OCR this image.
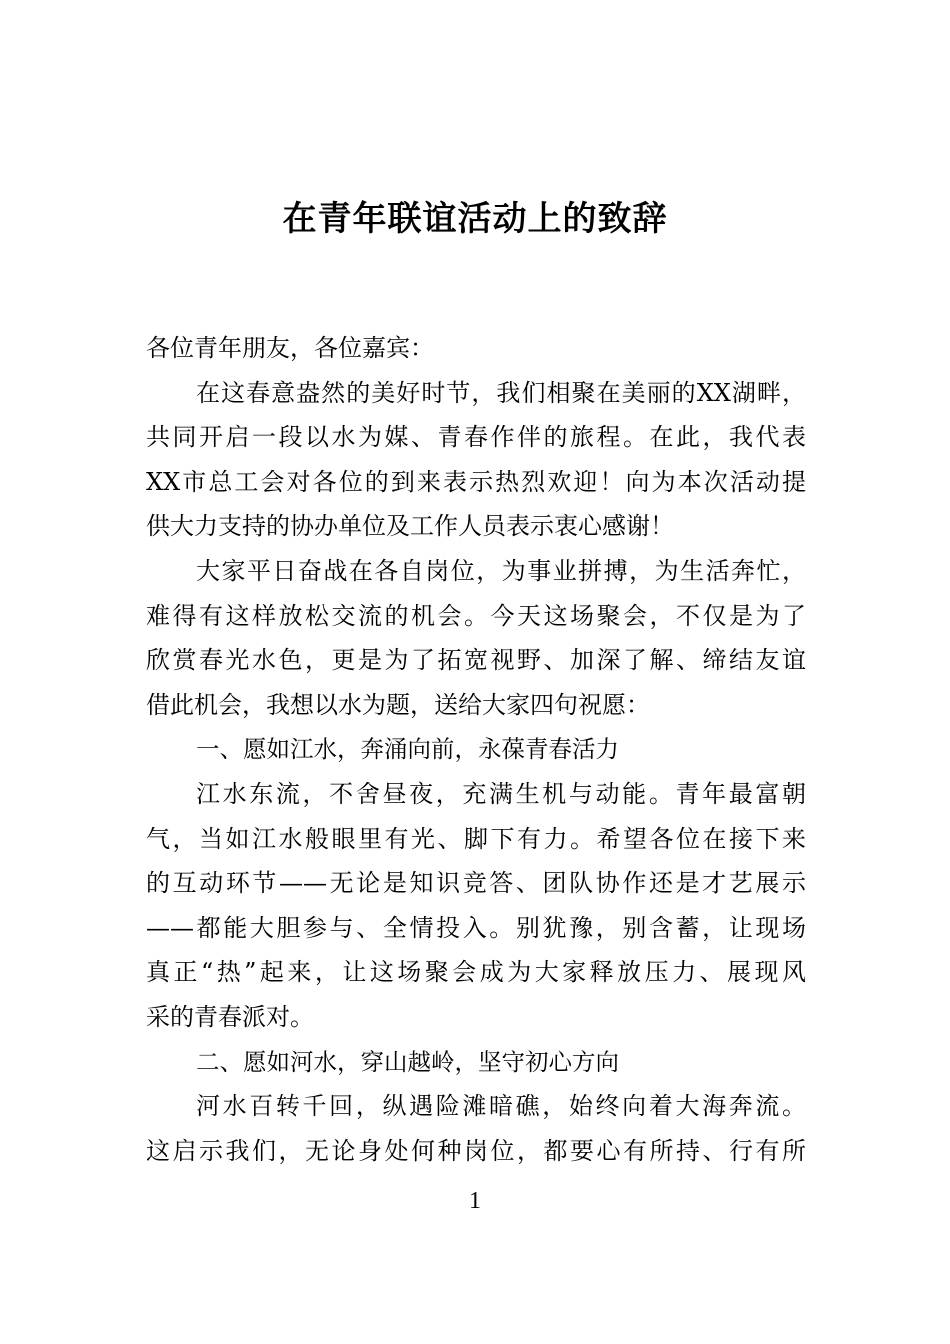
在青年联谊活动上的致辞
各位青年朋友，各位嘉宾：
在这春意盎然的美好时节，我们相聚在美丽的XX湖畔，
共同开启一段以水为媒、青春作伴的旅程。在此，我代表
XX市总工会对各位的到来表示热烈欢迎！向为本次活动提
供大力支持的协办单位及工作人员表示衷心感谢！
大家平日奋战在各自岗位，为事业拼搏，为生活奔忙，
难得有这样放松交流的机会。今天这场聚会，不仅是为了
欣赏春光水色，更是为了拓宽视野、加深了解、缔结友谊
借此机会，我想以水为题，送给大家四句祝愿：
一、愿如江水，奔涌向前，永葆青春活力
江水东流，不舍昼夜，充满生机与动能。青年最富朝
气，当如江水般眼里有光、脚下有力。希望各位在接下来
的互动环节——无论是知识竞答、团队协作还是才艺展示
——都能大胆参与、全情投入。别犹豫，别含蓄，让现场
真正“热”起来，让这场聚会成为大家释放压力、展现风
采的青春派对。
二、愿如河水，穿山越岭，坚守初心方向
河水百转千回，纵遇险滩暗礁，始终向着大海奔流。
这启示我们，无论身处何种岗位，都要心有所持、行有所
1
